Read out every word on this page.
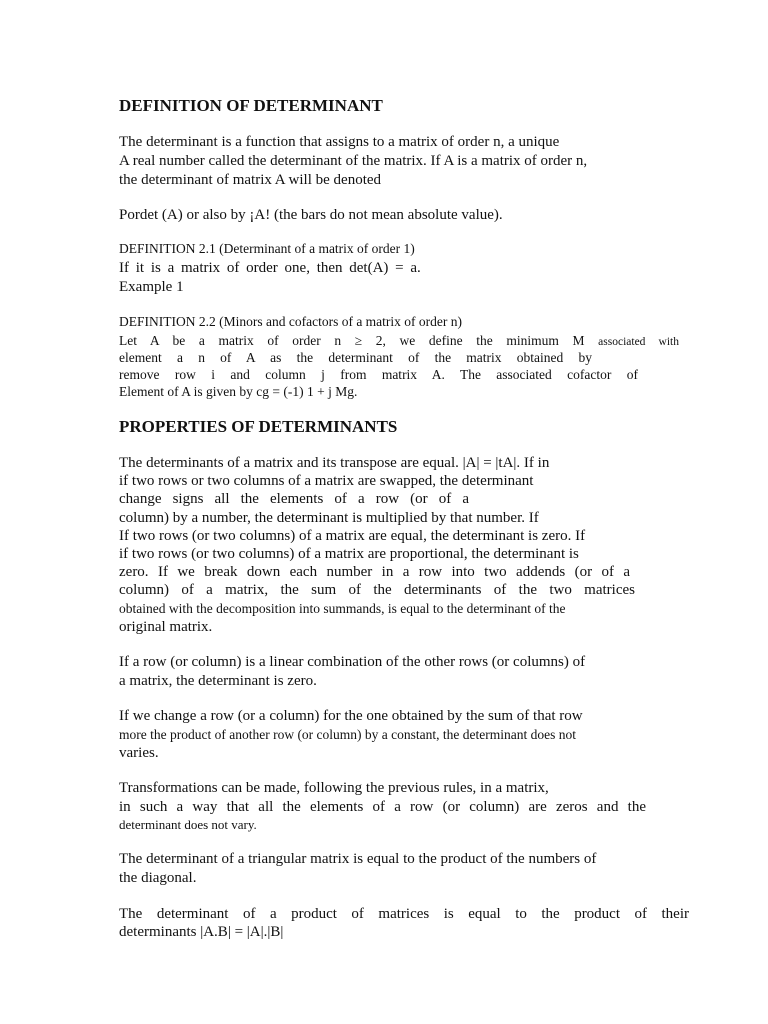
DEFINITION OF DETERMINANT
The determinant is a function that assigns to a matrix of order n, a unique
A real number called the determinant of the matrix. If A is a matrix of order n,
the determinant of matrix A will be denoted
Pordet (A) or also by ¡A! (the bars do not mean absolute value).
DEFINITION 2.1 (Determinant of a matrix of order 1)
If it is a matrix of order one, then det(A) = a.
Example 1
DEFINITION 2.2 (Minors and cofactors of a matrix of order n)
Let A be a matrix of order n ≥ 2, we define the minimum M associated with
element a n of A as the determinant of the matrix obtained by
remove row i and column j from matrix A. The associated cofactor of
Element of A is given by cg = (-1) 1 + j Mg.
PROPERTIES OF DETERMINANTS
The determinants of a matrix and its transpose are equal. |A| = |tA|. If in
if two rows or two columns of a matrix are swapped, the determinant
change signs all the elements of a row (or of a
column) by a number, the determinant is multiplied by that number. If
If two rows (or two columns) of a matrix are equal, the determinant is zero. If
if two rows (or two columns) of a matrix are proportional, the determinant is
zero. If we break down each number in a row into two addends (or of a
column) of a matrix, the sum of the determinants of the two matrices
obtained with the decomposition into summands, is equal to the determinant of the
original matrix.
If a row (or column) is a linear combination of the other rows (or columns) of
a matrix, the determinant is zero.
If we change a row (or a column) for the one obtained by the sum of that row
more the product of another row (or column) by a constant, the determinant does not
varies.
Transformations can be made, following the previous rules, in a matrix,
in such a way that all the elements of a row (or column) are zeros and the
determinant does not vary.
The determinant of a triangular matrix is equal to the product of the numbers of
the diagonal.
The determinant of a product of matrices is equal to the product of their
determinants |A.B| = |A|.|B|
